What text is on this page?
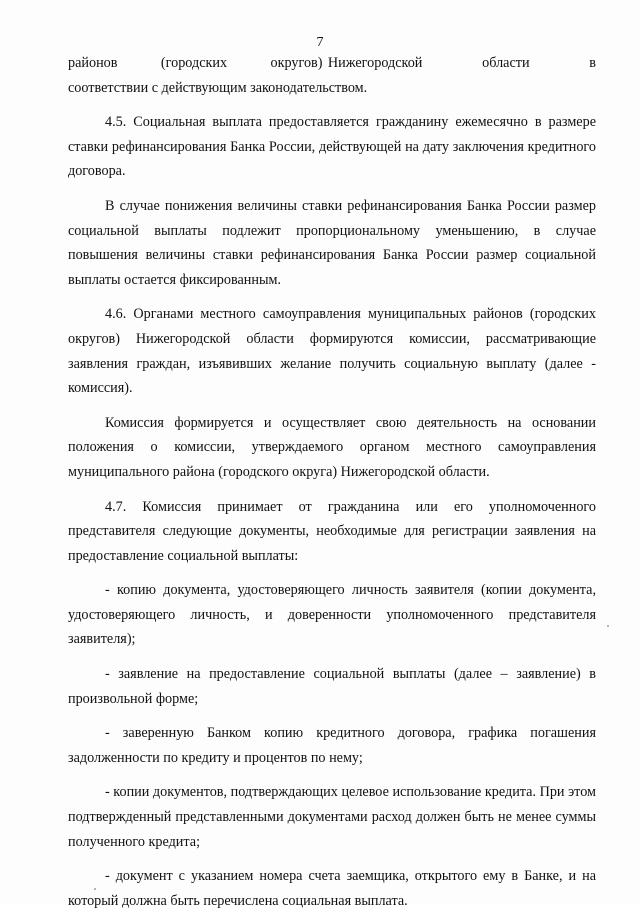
7

районов        (городских        округов) Нижегородской           области           в соответствии с действующим законодательством.

4.5. Социальная выплата предоставляется гражданину ежемесячно в размере ставки рефинансирования Банка России, действующей на дату заключения кредитного договора.

В случае понижения величины ставки рефинансирования Банка России размер социальной выплаты подлежит пропорциональному уменьшению, в случае повышения величины ставки рефинансирования Банка России размер социальной выплаты остается фиксированным.

4.6. Органами местного самоуправления муниципальных районов (городских округов) Нижегородской области формируются комиссии, рассматривающие заявления граждан, изъявивших желание получить социальную выплату (далее - комиссия).

Комиссия формируется и осуществляет свою деятельность на основании положения о комиссии, утверждаемого органом местного самоуправления муниципального района (городского округа) Нижегородской области.

4.7. Комиссия принимает от гражданина или его уполномоченного представителя следующие документы, необходимые для регистрации заявления на предоставление социальной выплаты:

- копию документа, удостоверяющего личность заявителя (копии документа, удостоверяющего личность, и доверенности уполномоченного представителя заявителя);

- заявление на предоставление социальной выплаты (далее – заявление) в произвольной форме;

- заверенную Банком копию кредитного договора, графика погашения задолженности по кредиту и процентов по нему;

- копии документов, подтверждающих целевое использование кредита. При этом подтвержденный представленными документами расход должен быть не менее суммы полученного кредита;

- документ с указанием номера счета заемщика, открытого ему в Банке, и на который должна быть перечислена социальная выплата.
